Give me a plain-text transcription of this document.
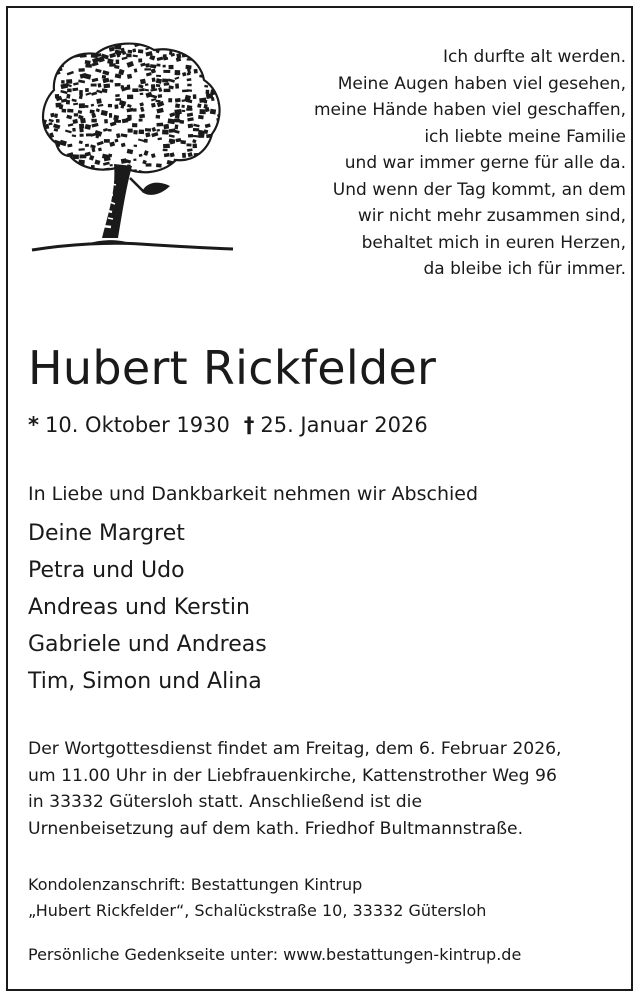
Ich durfte alt werden.
Meine Augen haben viel gesehen,
meine Hände haben viel geschaffen,
ich liebte meine Familie
und war immer gerne für alle da.
Und wenn der Tag kommt, an dem
wir nicht mehr zusammen sind,
behaltet mich in euren Herzen,
da bleibe ich für immer.
Hubert Rickfelder
* 10. Oktober 1930 † 25. Januar 2026
In Liebe und Dankbarkeit nehmen wir Abschied
Deine Margret
Petra und Udo
Andreas und Kerstin
Gabriele und Andreas
Tim, Simon und Alina
Der Wortgottesdienst findet am Freitag, dem 6. Februar 2026,
um 11.00 Uhr in der Liebfrauenkirche, Kattenstrother Weg 96
in 33332 Gütersloh statt. Anschließend ist die
Urnenbeisetzung auf dem kath. Friedhof Bultmannstraße.
Kondolenzanschrift: Bestattungen Kintrup
„Hubert Rickfelder“, Schalückstraße 10, 33332 Gütersloh
Persönliche Gedenkseite unter: www.bestattungen-kintrup.de
